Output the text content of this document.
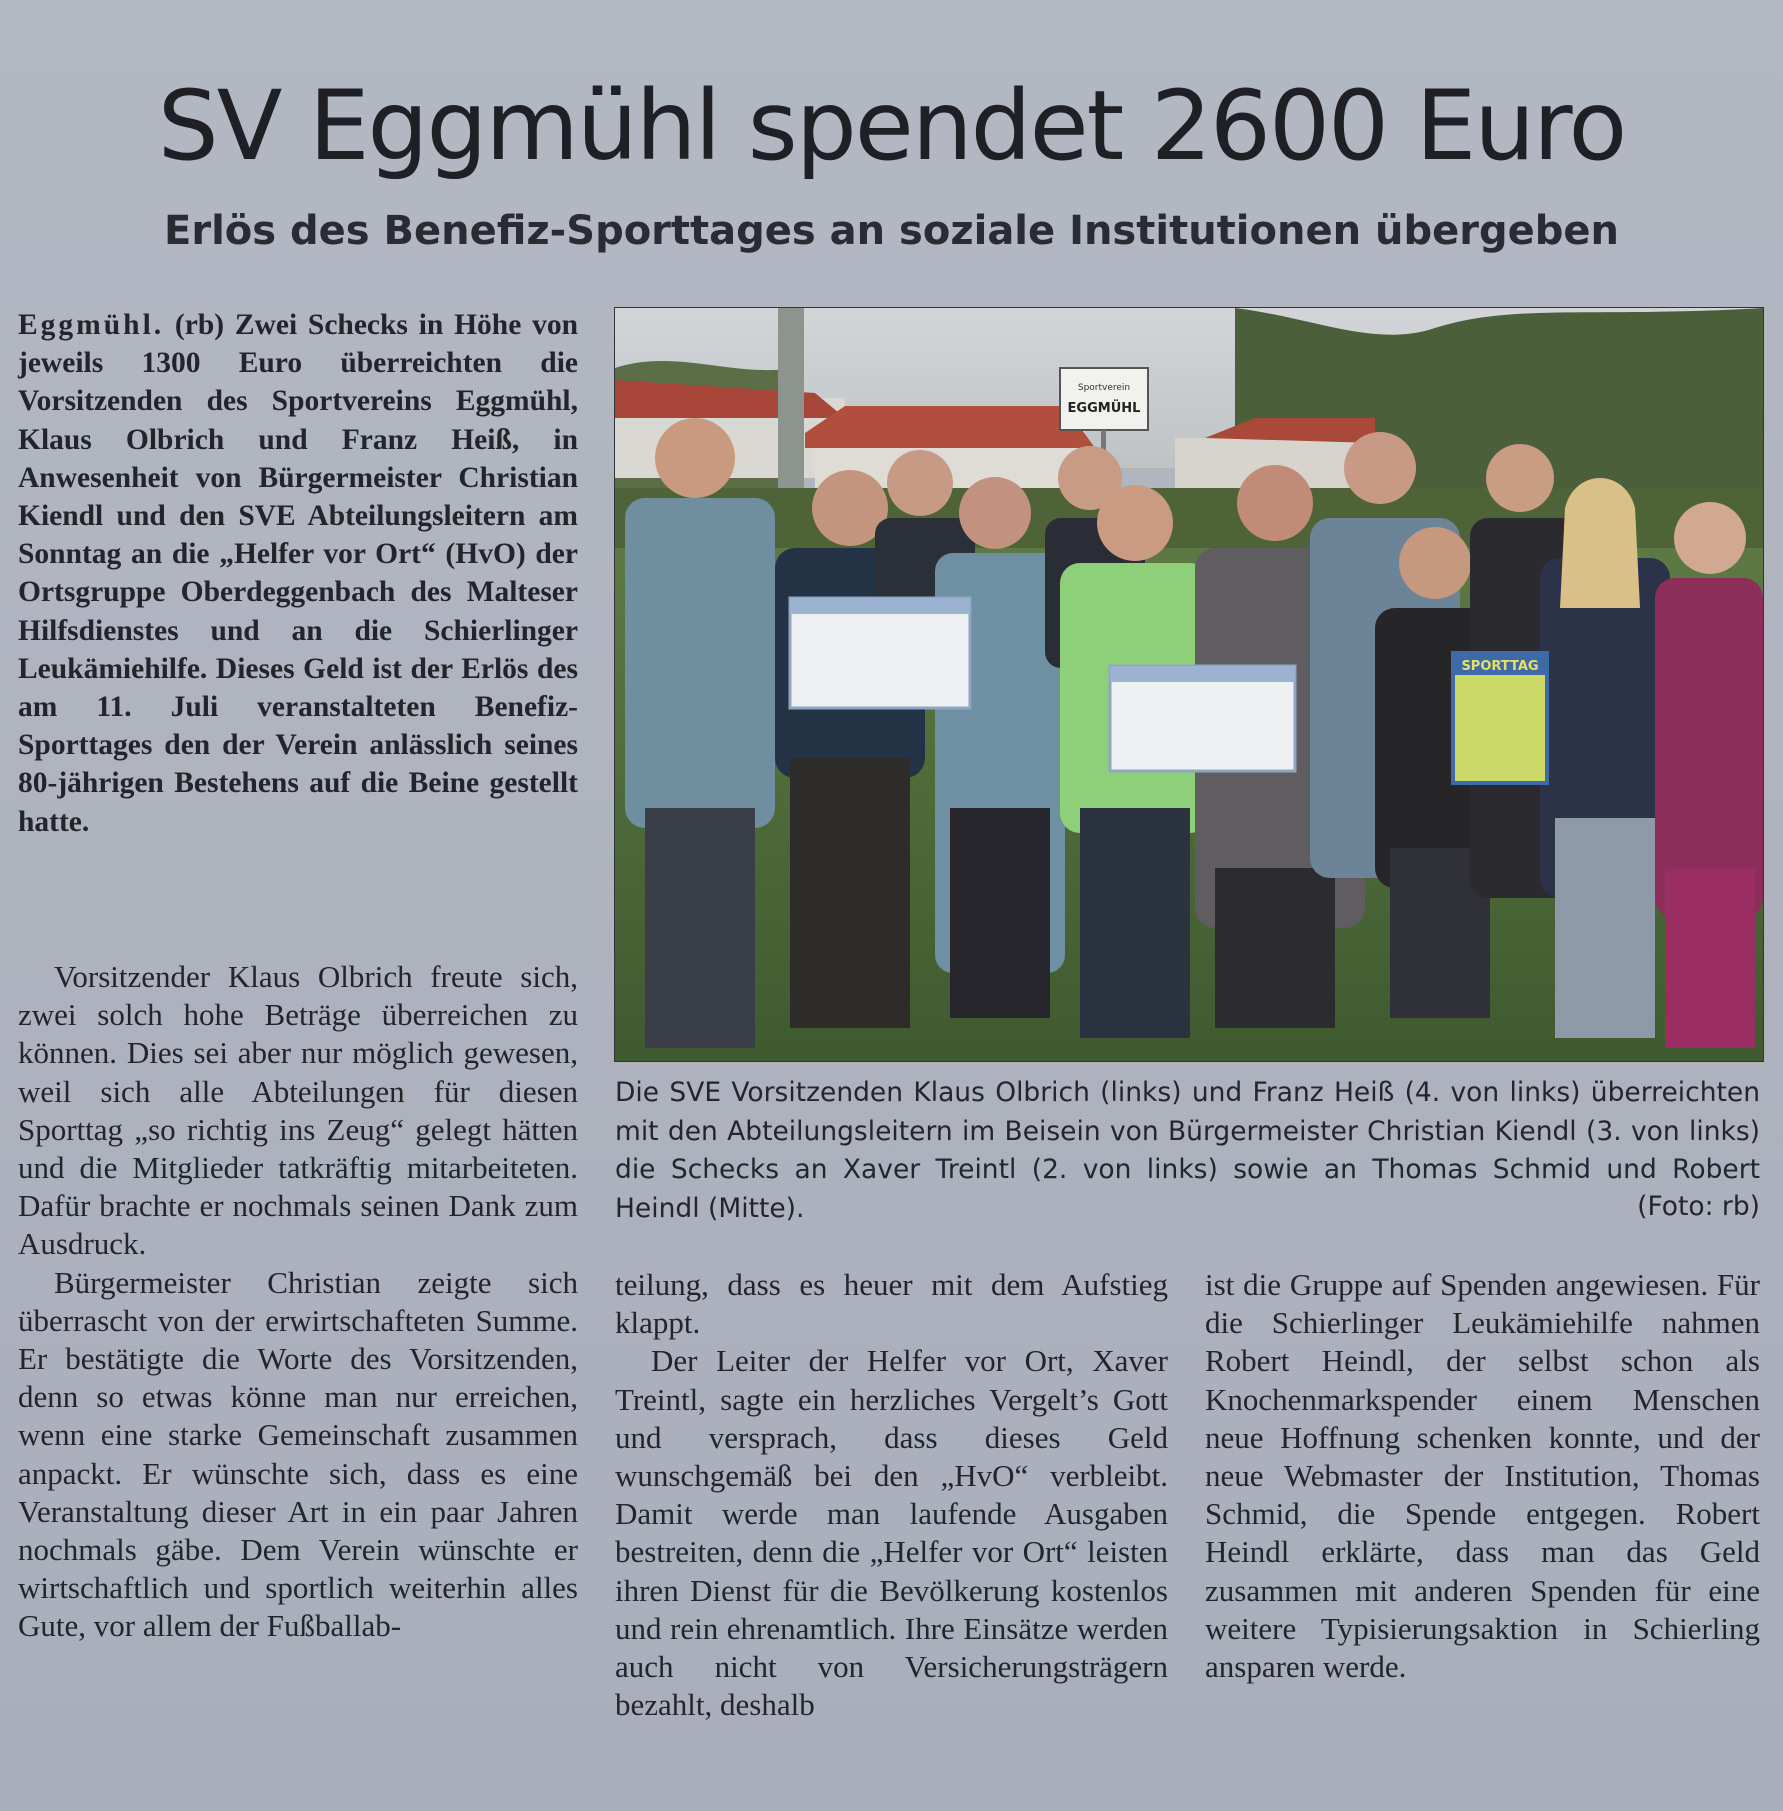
SV Eggmühl spendet 2600 Euro
Erlös des Benefiz-Sporttages an soziale Institutionen übergeben

Eggmühl. (rb) Zwei Schecks in Höhe von jeweils 1300 Euro überreichten die Vorsitzenden des Sportvereins Eggmühl, Klaus Olbrich und Franz Heiß, in Anwesenheit von Bürgermeister Christian Kiendl und den SVE Abteilungsleitern am Sonntag an die „Helfer vor Ort“ (HvO) der Ortsgruppe Oberdeggenbach des Malteser Hilfsdienstes und an die Schierlinger Leukämiehilfe. Dieses Geld ist der Erlös des am 11. Juli veranstalteten Benefiz-Sporttages den der Verein anlässlich seines 80-jährigen Bestehens auf die Beine gestellt hatte.

Vorsitzender Klaus Olbrich freute sich, zwei solch hohe Beträge überreichen zu können. Dies sei aber nur möglich gewesen, weil sich alle Abteilungen für diesen Sporttag „so richtig ins Zeug“ gelegt hätten und die Mitglieder tatkräftig mitarbeiteten. Dafür brachte er nochmals seinen Dank zum Ausdruck.

Bürgermeister Christian zeigte sich überrascht von der erwirtschafteten Summe. Er bestätigte die Worte des Vorsitzenden, denn so etwas könne man nur erreichen, wenn eine starke Gemeinschaft zusammen anpackt. Er wünschte sich, dass es eine Veranstaltung dieser Art in ein paar Jahren nochmals gäbe. Dem Verein wünschte er wirtschaftlich und sportlich weiterhin alles Gute, vor allem der Fußballab-

Sportverein
EGGMÜHL
SPORTTAG

Die SVE Vorsitzenden Klaus Olbrich (links) und Franz Heiß (4. von links) überreichten mit den Abteilungsleitern im Beisein von Bürgermeister Christian Kiendl (3. von links) die Schecks an Xaver Treintl (2. von links) sowie an Thomas Schmid und Robert Heindl (Mitte).	(Foto: rb)

teilung, dass es heuer mit dem Aufstieg klappt.

Der Leiter der Helfer vor Ort, Xaver Treintl, sagte ein herzliches Vergelt’s Gott und versprach, dass dieses Geld wunschgemäß bei den „HvO“ verbleibt. Damit werde man laufende Ausgaben bestreiten, denn die „Helfer vor Ort“ leisten ihren Dienst für die Bevölkerung kostenlos und rein ehrenamtlich. Ihre Einsätze werden auch nicht von Versicherungsträgern bezahlt, deshalb

ist die Gruppe auf Spenden angewiesen. Für die Schierlinger Leukämiehilfe nahmen Robert Heindl, der selbst schon als Knochenmarkspender einem Menschen neue Hoffnung schenken konnte, und der neue Webmaster der Institution, Thomas Schmid, die Spende entgegen. Robert Heindl erklärte, dass man das Geld zusammen mit anderen Spenden für eine weitere Typisierungsaktion in Schierling ansparen werde.
